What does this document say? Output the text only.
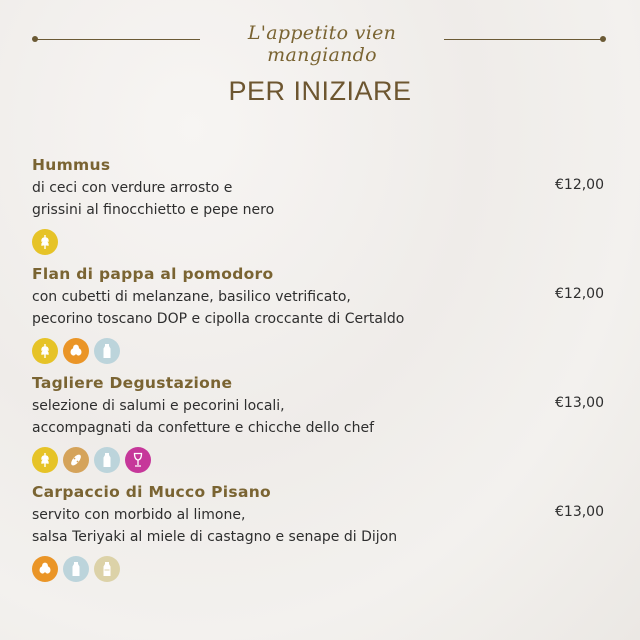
L'appetito vien mangiando
PER INIZIARE
Hummus
di ceci con verdure arrosto e
grissini al finocchietto e pepe nero
€12,00
Flan di pappa al pomodoro
con cubetti di melanzane, basilico vetrificato,
pecorino toscano DOP e cipolla croccante di Certaldo
€12,00
Tagliere Degustazione
selezione di salumi e pecorini locali,
accompagnati da confetture e chicche dello chef
€13,00
Carpaccio di Mucco Pisano
servito con morbido al limone,
salsa Teriyaki al miele di castagno e senape di Dijon
€13,00
